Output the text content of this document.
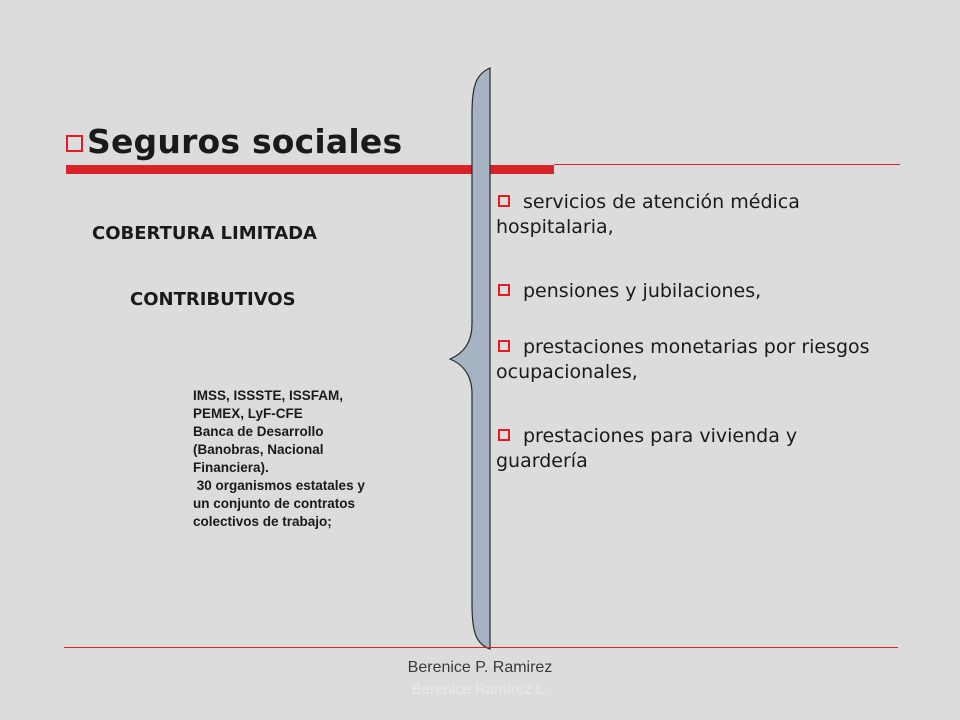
Seguros sociales
COBERTURA LIMITADA
CONTRIBUTIVOS
IMSS, ISSSTE, ISSFAM,
PEMEX, LyF-CFE
Banca de Desarrollo
(Banobras, Nacional
Financiera).
30 organismos estatales y
un conjunto de contratos
colectivos de trabajo;
servicios de atención médica hospitalaria,
pensiones y jubilaciones,
prestaciones monetarias por riesgos ocupacionales,
prestaciones para vivienda y guardería
Berenice P. Ramirez
Berenice Ramírez L.
